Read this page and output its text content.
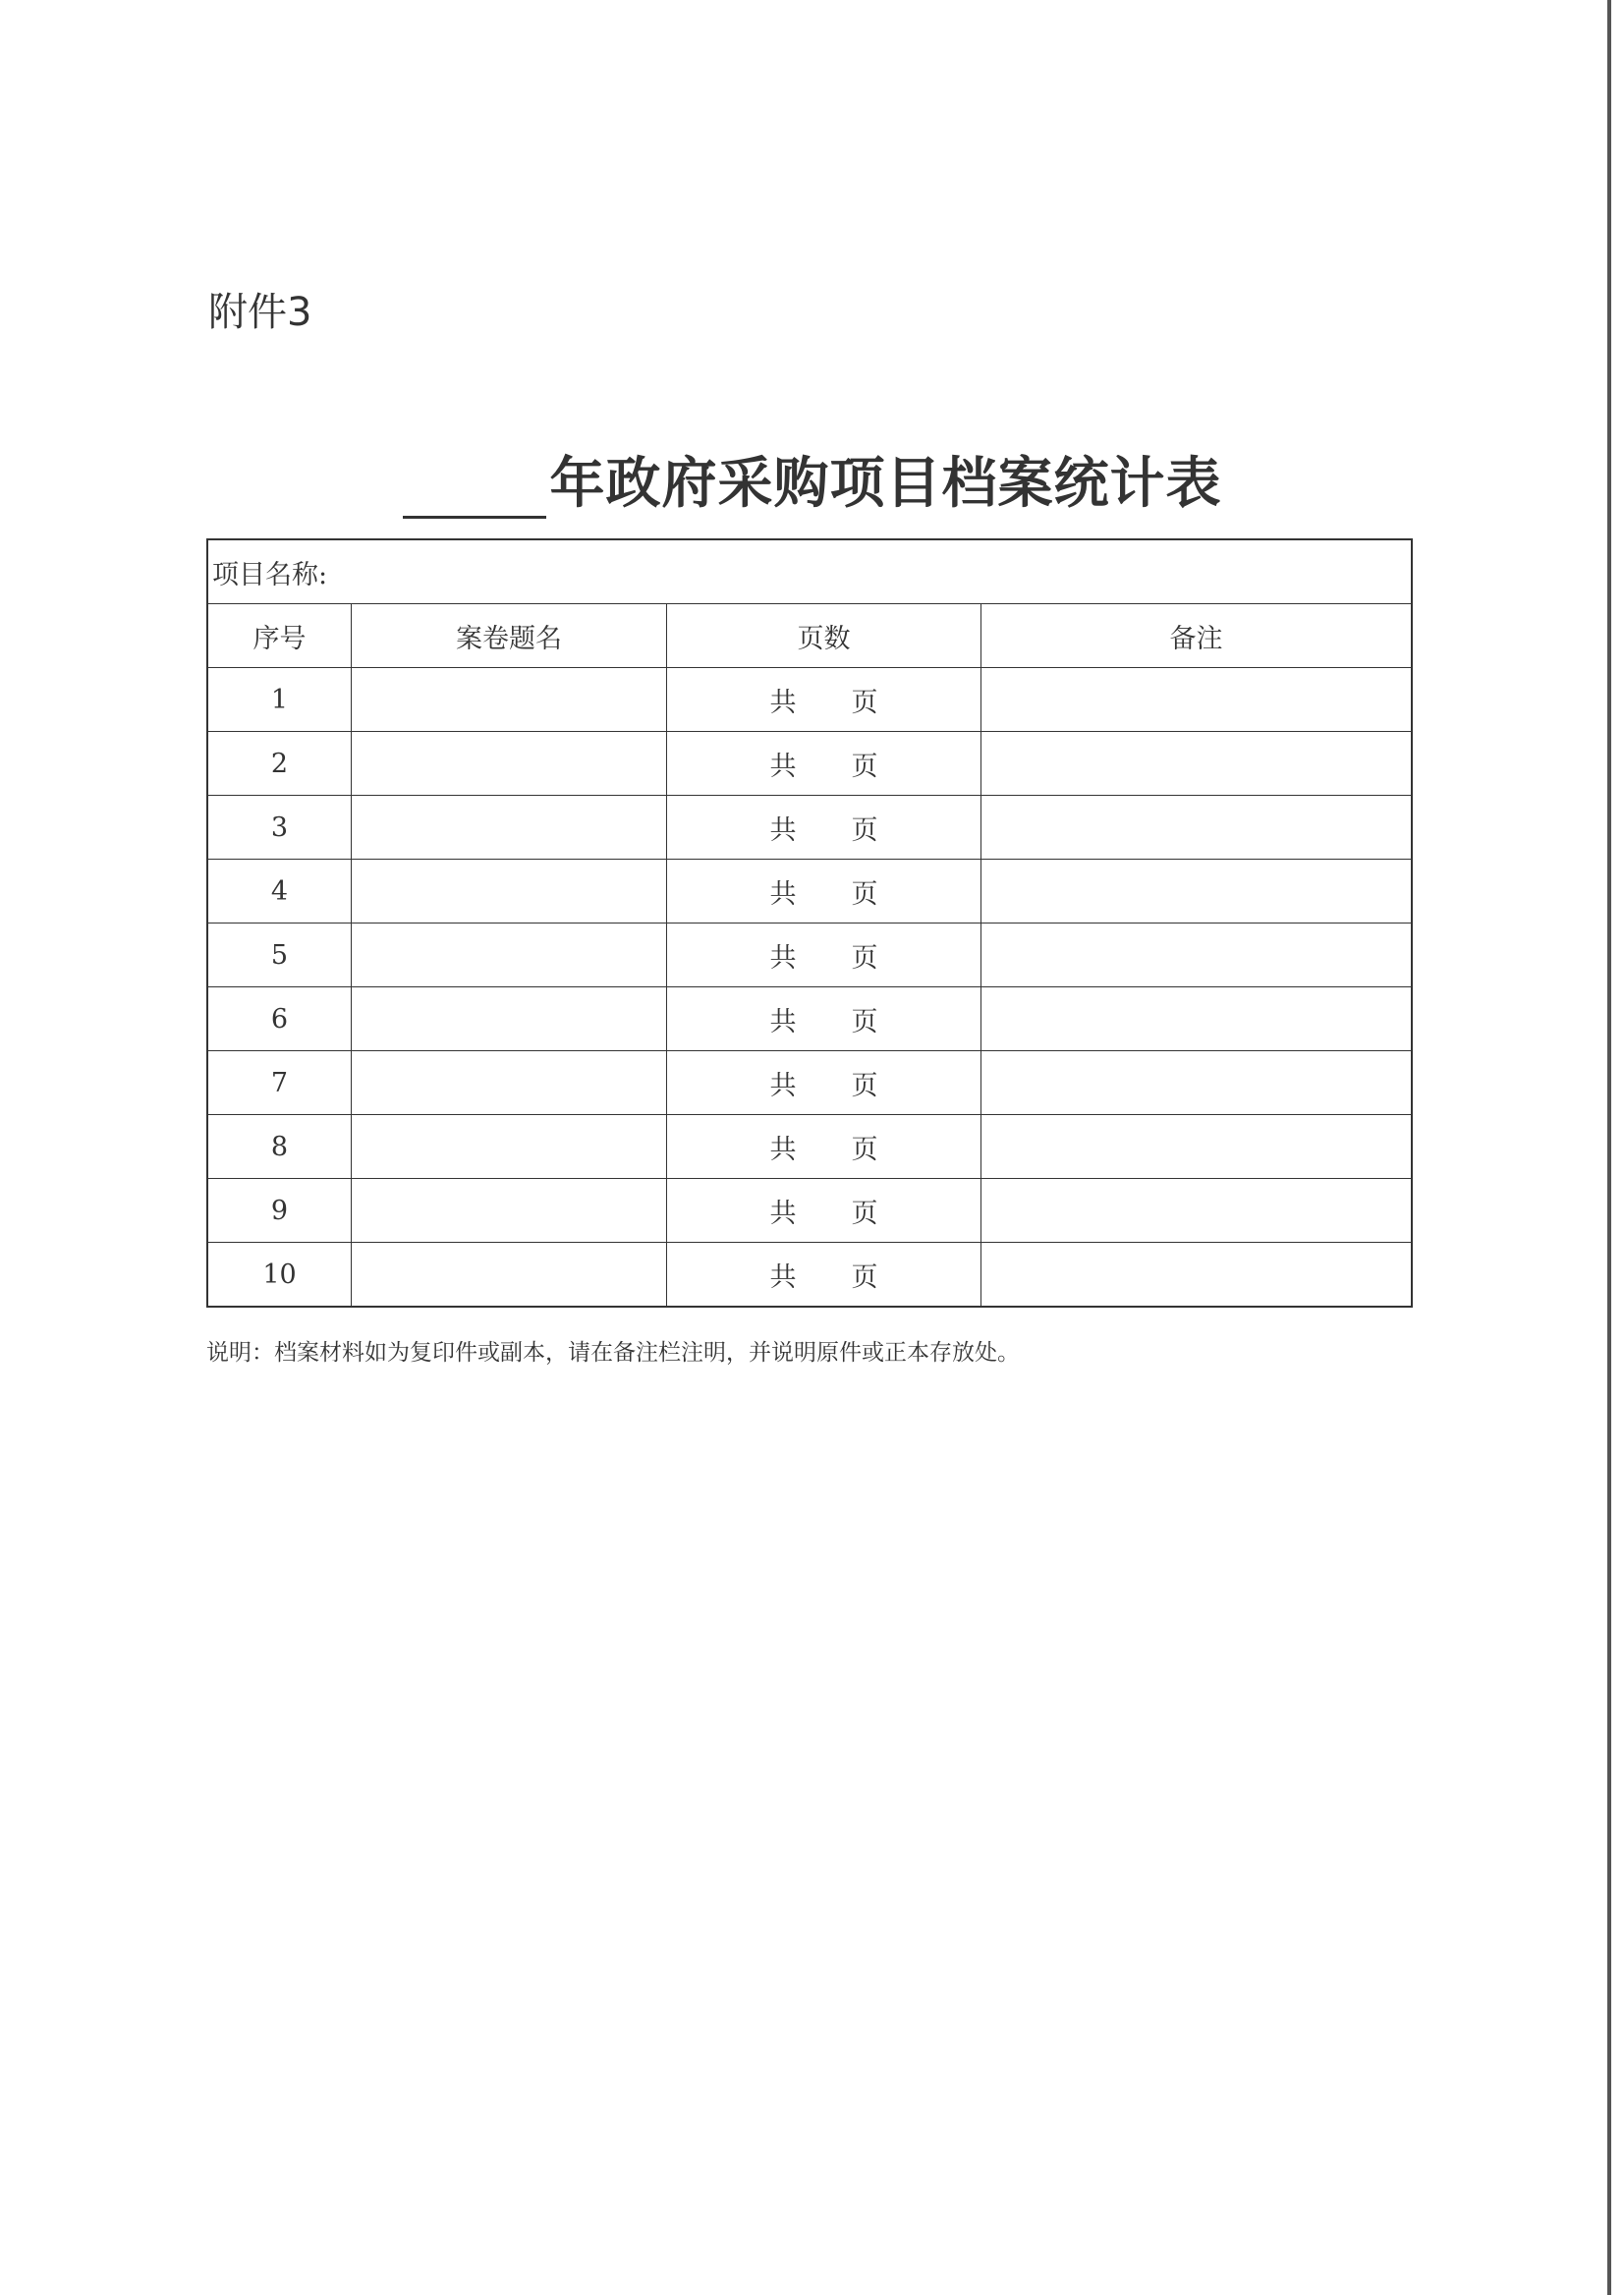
附件3
年政府采购项目档案统计表
项目名称:			
序号	案卷题名	页数	备注
1		共 页	
2		共 页	
3		共 页	
4		共 页	
5		共 页	
6		共 页	
7		共 页	
8		共 页	
9		共 页	
10		共 页	
说明：档案材料如为复印件或副本，请在备注栏注明，并说明原件或正本存放处。
